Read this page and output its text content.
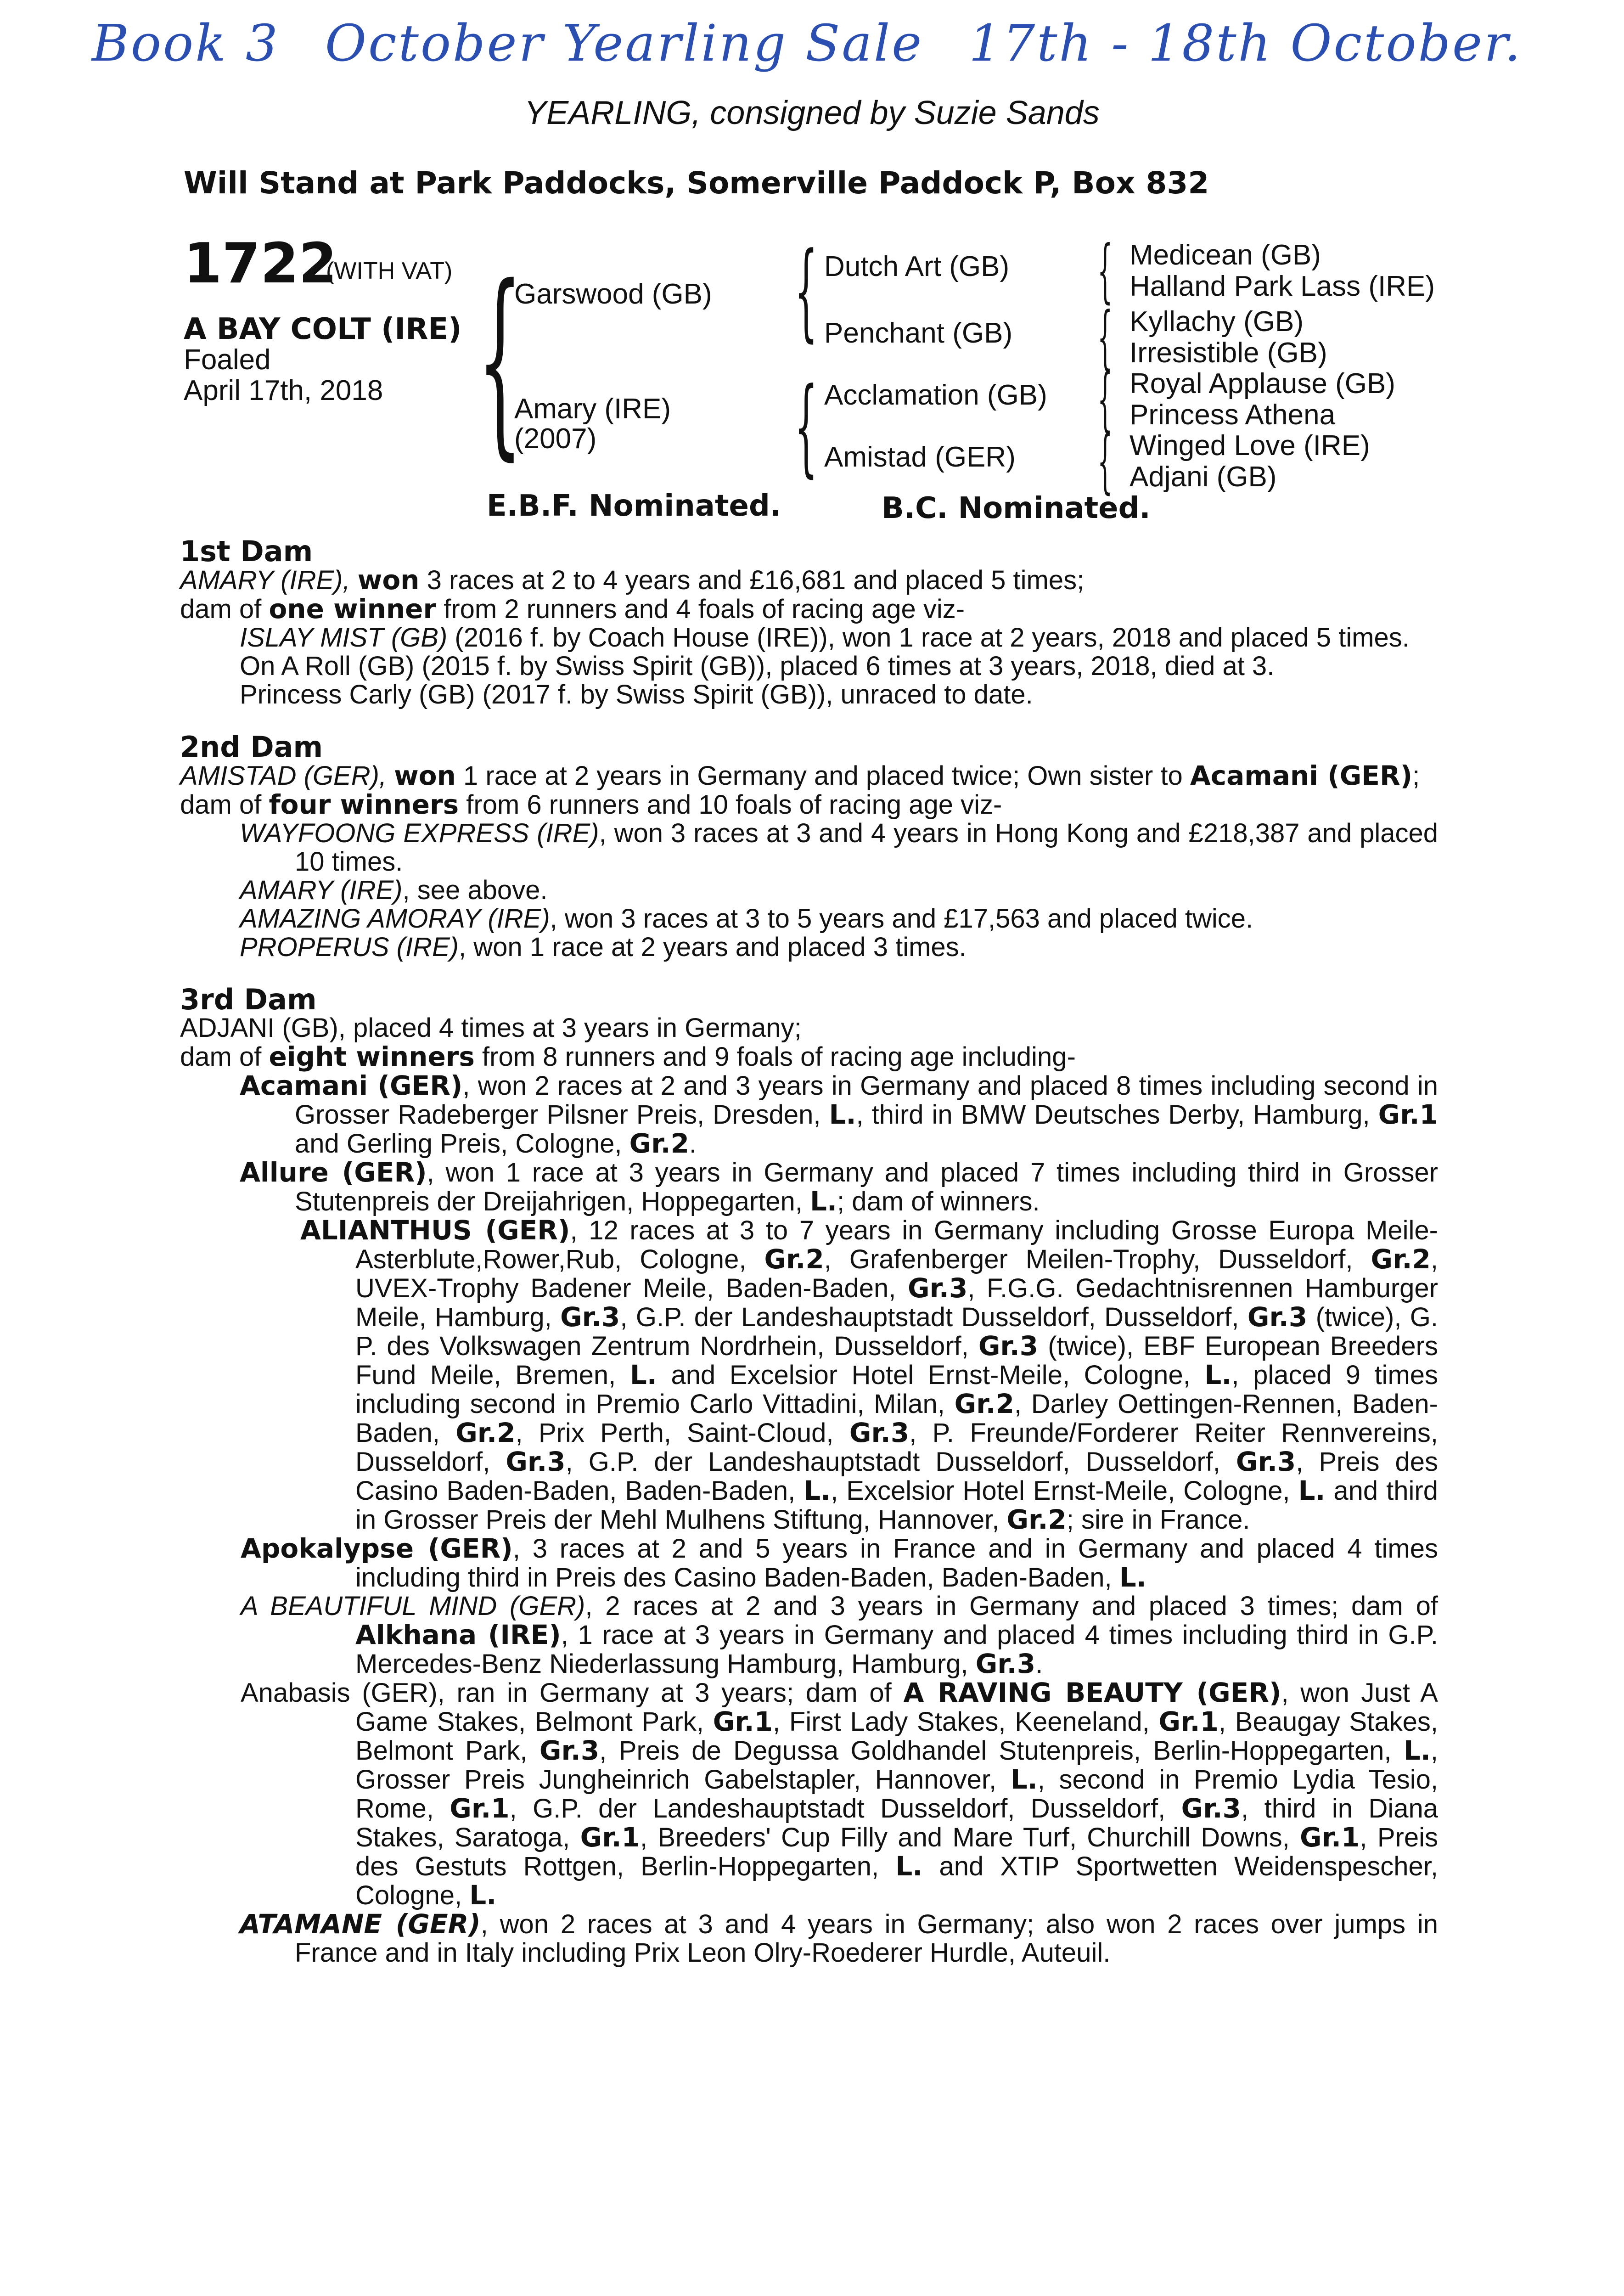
Book 3 October Yearling Sale 17th - 18th October.
YEARLING, consigned by Suzie Sands
Will Stand at Park Paddocks, Somerville Paddock P, Box 832
1722
(WITH VAT)
A BAY COLT (IRE)
Foaled
April 17th, 2018 {
Garswood (GB)
Amary (IRE)
(2007)
{ Dutch Art (GB)
Penchant (GB)
{ Acclamation (GB)
Amistad (GER)
{ Medicean (GB)
Halland Park Lass (IRE)
{ Kyllachy (GB)
Irresistible (GB)
{ Royal Applause (GB)
Princess Athena
{ Winged Love (IRE)
Adjani (GB)
E.B.F. Nominated.	B.C. Nominated.
1st Dam

AMARY (IRE), won 3 races at 2 to 4 years and £16,681 and placed 5 times;

dam of one winner from 2 runners and 4 foals of racing age viz-

ISLAY MIST (GB) (2016 f. by Coach House (IRE)), won 1 race at 2 years, 2018 and placed 5 times.

On A Roll (GB) (2015 f. by Swiss Spirit (GB)), placed 6 times at 3 years, 2018, died at 3.

Princess Carly (GB) (2017 f. by Swiss Spirit (GB)), unraced to date.

2nd Dam

AMISTAD (GER), won 1 race at 2 years in Germany and placed twice; Own sister to Acamani (GER);

dam of four winners from 6 runners and 10 foals of racing age viz-

WAYFOONG EXPRESS (IRE), won 3 races at 3 and 4 years in Hong Kong and £218,387 and placed 10 times.

AMARY (IRE), see above.

AMAZING AMORAY (IRE), won 3 races at 3 to 5 years and £17,563 and placed twice.

PROPERUS (IRE), won 1 race at 2 years and placed 3 times.

3rd Dam

ADJANI (GB), placed 4 times at 3 years in Germany;

dam of eight winners from 8 runners and 9 foals of racing age including-

Acamani (GER), won 2 races at 2 and 3 years in Germany and placed 8 times including second in Grosser Radeberger Pilsner Preis, Dresden, L., third in BMW Deutsches Derby, Hamburg, Gr.1 and Gerling Preis, Cologne, Gr.2.

Allure (GER), won 1 race at 3 years in Germany and placed 7 times including third in Grosser Stutenpreis der Dreijahrigen, Hoppegarten, L.; dam of winners.

ALIANTHUS (GER), 12 races at 3 to 7 years in Germany including Grosse Europa Meile-Asterblute,Rower,Rub, Cologne, Gr.2, Grafenberger Meilen-Trophy, Dusseldorf, Gr.2, UVEX-Trophy Badener Meile, Baden-Baden, Gr.3, F.G.G. Gedachtnisrennen Hamburger Meile, Hamburg, Gr.3, G.P. der Landeshauptstadt Dusseldorf, Dusseldorf, Gr.3 (twice), G. P. des Volkswagen Zentrum Nordrhein, Dusseldorf, Gr.3 (twice), EBF European Breeders Fund Meile, Bremen, L. and Excelsior Hotel Ernst-Meile, Cologne, L., placed 9 times including second in Premio Carlo Vittadini, Milan, Gr.2, Darley Oettingen-Rennen, Baden-Baden, Gr.2, Prix Perth, Saint-Cloud, Gr.3, P. Freunde/Forderer Reiter Rennvereins, Dusseldorf, Gr.3, G.P. der Landeshauptstadt Dusseldorf, Dusseldorf, Gr.3, Preis des Casino Baden-Baden, Baden-Baden, L., Excelsior Hotel Ernst-Meile, Cologne, L. and third in Grosser Preis der Mehl Mulhens Stiftung, Hannover, Gr.2; sire in France.

Apokalypse (GER), 3 races at 2 and 5 years in France and in Germany and placed 4 times including third in Preis des Casino Baden-Baden, Baden-Baden, L.

A BEAUTIFUL MIND (GER), 2 races at 2 and 3 years in Germany and placed 3 times; dam of Alkhana (IRE), 1 race at 3 years in Germany and placed 4 times including third in G.P. Mercedes-Benz Niederlassung Hamburg, Hamburg, Gr.3.

Anabasis (GER), ran in Germany at 3 years; dam of A RAVING BEAUTY (GER), won Just A Game Stakes, Belmont Park, Gr.1, First Lady Stakes, Keeneland, Gr.1, Beaugay Stakes, Belmont Park, Gr.3, Preis de Degussa Goldhandel Stutenpreis, Berlin-Hoppegarten, L., Grosser Preis Jungheinrich Gabelstapler, Hannover, L., second in Premio Lydia Tesio, Rome, Gr.1, G.P. der Landeshauptstadt Dusseldorf, Dusseldorf, Gr.3, third in Diana Stakes, Saratoga, Gr.1, Breeders' Cup Filly and Mare Turf, Churchill Downs, Gr.1, Preis des Gestuts Rottgen, Berlin-Hoppegarten, L. and XTIP Sportwetten Weidenspescher, Cologne, L.

ATAMANE (GER), won 2 races at 3 and 4 years in Germany; also won 2 races over jumps in France and in Italy including Prix Leon Olry-Roederer Hurdle, Auteuil.
